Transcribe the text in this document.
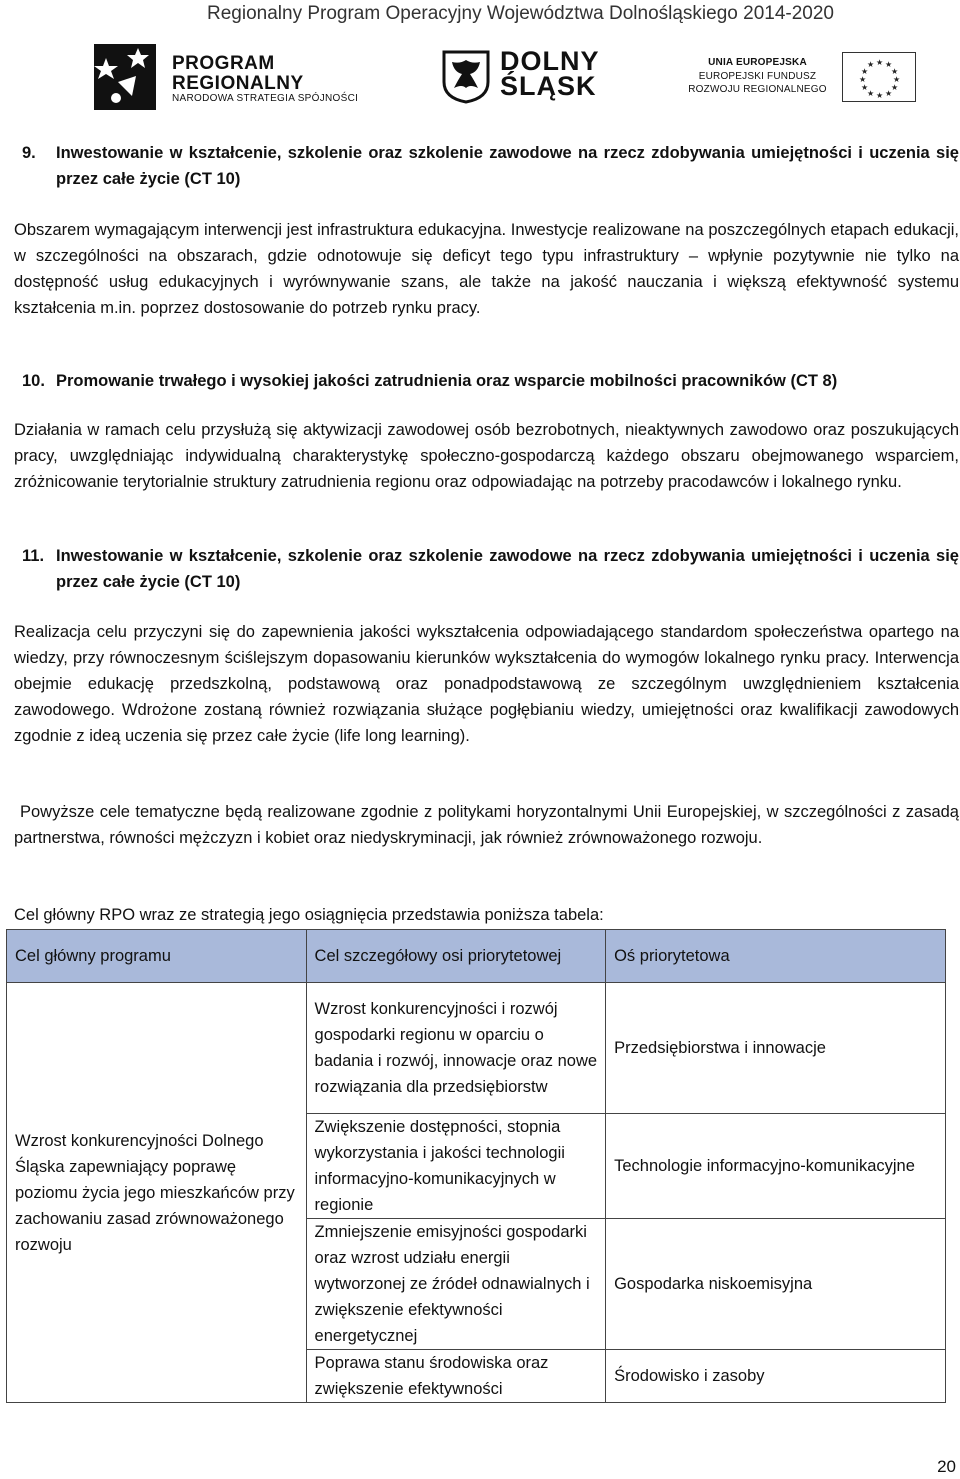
Regionalny Program Operacyjny Województwa Dolnośląskiego 2014-2020
PROGRAM
REGIONALNY
NARODOWA STRATEGIA SPÓJNOŚCI
DOLNY
ŚLĄSK
UNIA EUROPEJSKA
EUROPEJSKI FUNDUSZ
ROZWOJU REGIONALNEGO
★ ★
★
★
★
★
★
★
★
★
★
★
9. Inwestowanie w kształcenie, szkolenie oraz szkolenie zawodowe na rzecz zdobywania umiejętności i uczenia się przez całe życie (CT 10)

Obszarem wymagającym interwencji jest infrastruktura edukacyjna. Inwestycje realizowane na poszczególnych etapach edukacji, w szczególności na obszarach, gdzie odnotowuje się deficyt tego typu infrastruktury – wpłynie pozytywnie nie tylko na dostępność usług edukacyjnych i wyrównywanie szans, ale także na jakość nauczania i większą efektywność systemu kształcenia m.in. poprzez dostosowanie do potrzeb rynku pracy.

10. Promowanie trwałego i wysokiej jakości zatrudnienia oraz wsparcie mobilności pracowników (CT 8)

Działania w ramach celu przysłużą się aktywizacji zawodowej osób bezrobotnych, nieaktywnych zawodowo oraz poszukujących pracy, uwzględniając indywidualną charakterystykę społeczno-gospodarczą każdego obszaru obejmowanego wsparciem, zróżnicowanie terytorialnie struktury zatrudnienia regionu oraz odpowiadając na potrzeby pracodawców i lokalnego rynku.

11. Inwestowanie w kształcenie, szkolenie oraz szkolenie zawodowe na rzecz zdobywania umiejętności i uczenia się przez całe życie (CT 10)

Realizacja celu przyczyni się do zapewnienia jakości wykształcenia odpowiadającego standardom społeczeństwa opartego na wiedzy, przy równoczesnym ściślejszym dopasowaniu kierunków wykształcenia do wymogów lokalnego rynku pracy. Interwencja obejmie edukację przedszkolną, podstawową oraz ponadpodstawową ze szczególnym uwzględnieniem kształcenia zawodowego. Wdrożone zostaną również rozwiązania służące pogłębianiu wiedzy, umiejętności oraz kwalifikacji zawodowych zgodnie z ideą uczenia się przez całe życie (life long learning).

Powyższe cele tematyczne będą realizowane zgodnie z politykami horyzontalnymi Unii Europejskiej, w szczególności z zasadą partnerstwa, równości mężczyzn i kobiet oraz niedyskryminacji, jak również zrównoważonego rozwoju.

Cel główny RPO wraz ze strategią jego osiągnięcia przedstawia poniższa tabela:

Cel główny programu	Cel szczegółowy osi priorytetowej	Oś priorytetowa
Wzrost konkurencyjności Dolnego Śląska zapewniający poprawę poziomu życia jego mieszkańców przy zachowaniu zasad zrównoważonego rozwoju	Wzrost konkurencyjności i rozwój gospodarki regionu w oparciu o badania i rozwój, innowacje oraz nowe rozwiązania dla przedsiębiorstw	Przedsiębiorstwa i innowacje
	Zwiększenie dostępności, stopnia wykorzystania i jakości technologii informacyjno-komunikacyjnych w regionie	Technologie informacyjno-komunikacyjne
	Zmniejszenie emisyjności gospodarki oraz wzrost udziału energii wytworzonej ze źródeł odnawialnych i zwiększenie efektywności energetycznej	Gospodarka niskoemisyjna
	Poprawa stanu środowiska oraz zwiększenie efektywności	Środowisko i zasoby
20
